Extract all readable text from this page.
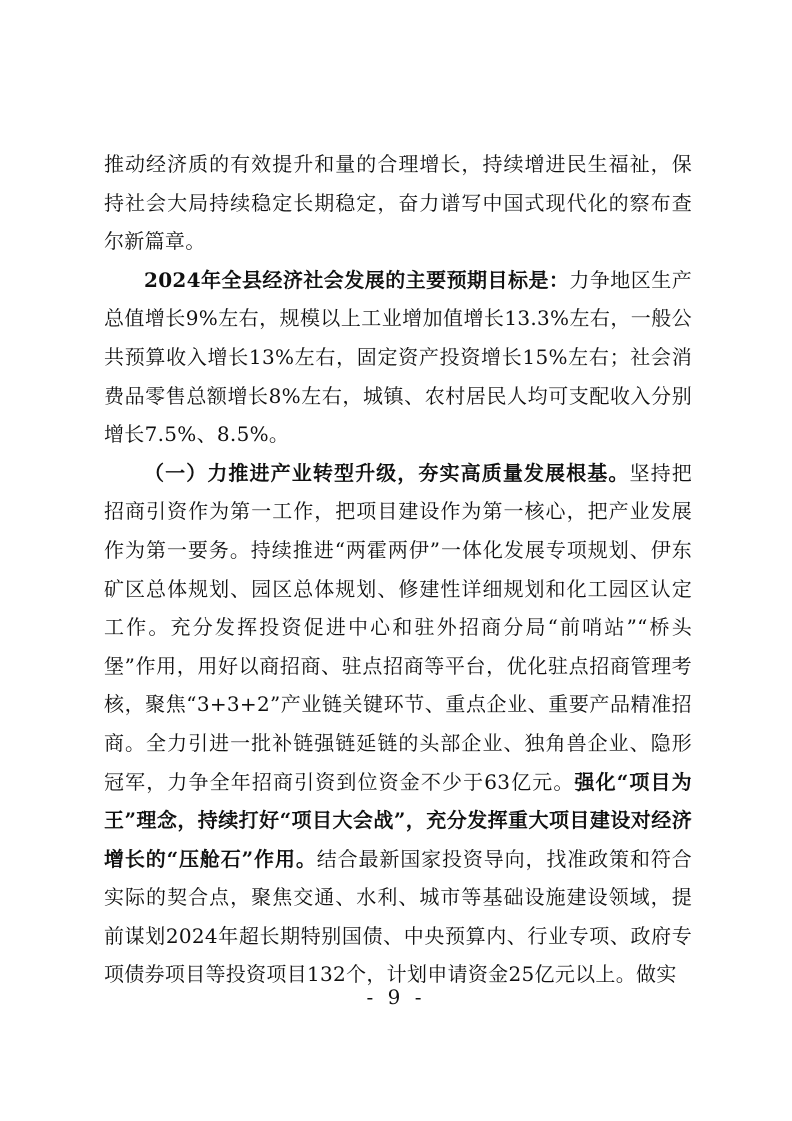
推动经济质的有效提升和量的合理增长，持续增进民生福祉，保持社会大局持续稳定长期稳定，奋力谱写中国式现代化的察布查尔新篇章。

2024年全县经济社会发展的主要预期目标是：力争地区生产总值增长9%左右，规模以上工业增加值增长13.3%左右，一般公共预算收入增长13%左右，固定资产投资增长15%左右；社会消费品零售总额增长8%左右，城镇、农村居民人均可支配收入分别增长7.5%、8.5%。

（一）力推进产业转型升级，夯实高质量发展根基。坚持把招商引资作为第一工作，把项目建设作为第一核心，把产业发展作为第一要务。持续推进“两霍两伊”一体化发展专项规划、伊东矿区总体规划、园区总体规划、修建性详细规划和化工园区认定工作。充分发挥投资促进中心和驻外招商分局“前哨站”“桥头堡”作用，用好以商招商、驻点招商等平台，优化驻点招商管理考核，聚焦“3+3+2”产业链关键环节、重点企业、重要产品精准招商。全力引进一批补链强链延链的头部企业、独角兽企业、隐形冠军，力争全年招商引资到位资金不少于63亿元。强化“项目为王”理念，持续打好“项目大会战”，充分发挥重大项目建设对经济增长的“压舱石”作用。结合最新国家投资导向，找准政策和符合实际的契合点，聚焦交通、水利、城市等基础设施建设领域，提前谋划2024年超长期特别国债、中央预算内、行业专项、政府专项债券项目等投资项目132个，计划申请资金25亿元以上。做实

- 9 -
